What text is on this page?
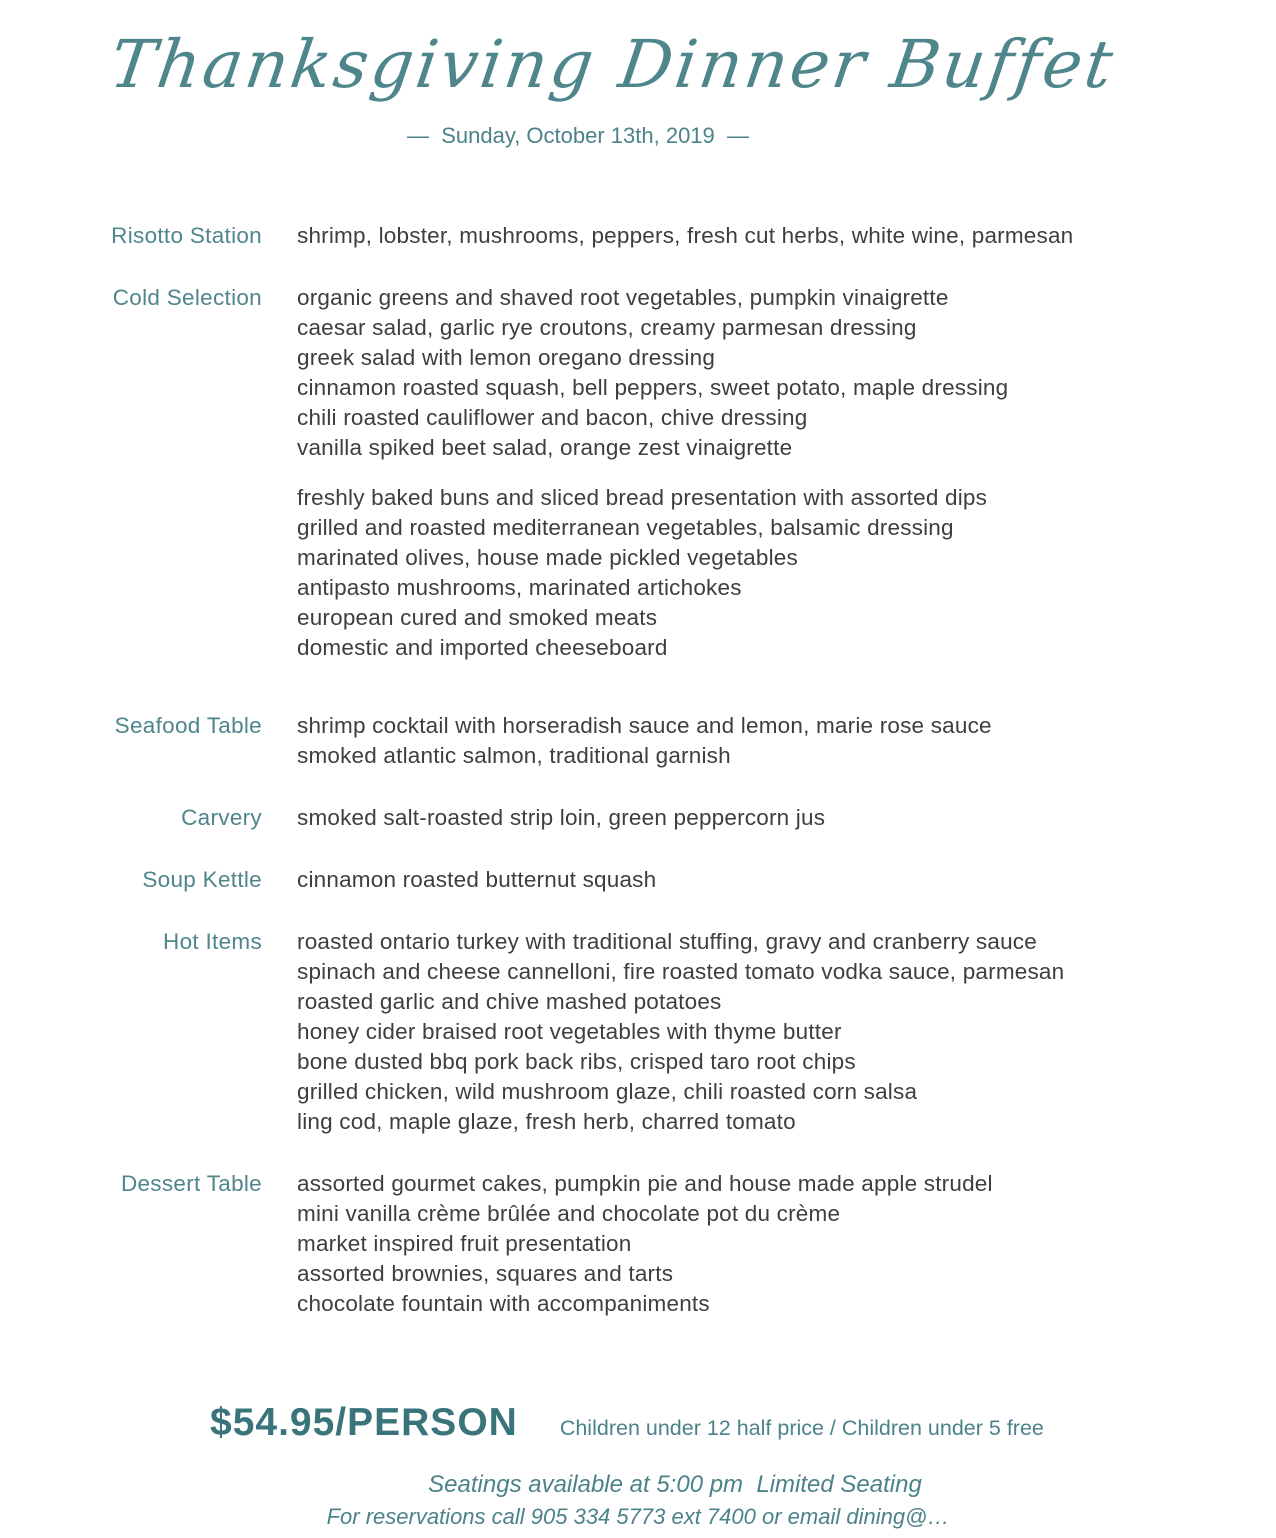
Thanksgiving Dinner Buffet
—  Sunday, October 13th, 2019  —
Risotto Station shrimp, lobster, mushrooms, peppers, fresh cut herbs, white wine, parmesan

Cold Selection organic greens and shaved root vegetables, pumpkin vinaigrette

caesar salad, garlic rye croutons, creamy parmesan dressing

greek salad with lemon oregano dressing

cinnamon roasted squash, bell peppers, sweet potato, maple dressing

chili roasted cauliflower and bacon, chive dressing

vanilla spiked beet salad, orange zest vinaigrette

freshly baked buns and sliced bread presentation with assorted dips

grilled and roasted mediterranean vegetables, balsamic dressing

marinated olives, house made pickled vegetables

antipasto mushrooms, marinated artichokes

european cured and smoked meats

domestic and imported cheeseboard

Seafood Table shrimp cocktail with horseradish sauce and lemon, marie rose sauce

smoked atlantic salmon, traditional garnish

Carvery smoked salt-roasted strip loin, green peppercorn jus

Soup Kettle cinnamon roasted butternut squash

Hot Items roasted ontario turkey with traditional stuffing, gravy and cranberry sauce

spinach and cheese cannelloni, fire roasted tomato vodka sauce, parmesan

roasted garlic and chive mashed potatoes

honey cider braised root vegetables with thyme butter

bone dusted bbq pork back ribs, crisped taro root chips

grilled chicken, wild mushroom glaze, chili roasted corn salsa

ling cod, maple glaze, fresh herb, charred tomato

Dessert Table assorted gourmet cakes, pumpkin pie and house made apple strudel

mini vanilla crème brûlée and chocolate pot du crème

market inspired fruit presentation

assorted brownies, squares and tarts

chocolate fountain with accompaniments

$54.95/PERSON Children under 12 half price / Children under 5 free
Seatings available at 5:00 pm  Limited Seating
For reservations call 905 334 5773 ext 7400 or email dining@…
